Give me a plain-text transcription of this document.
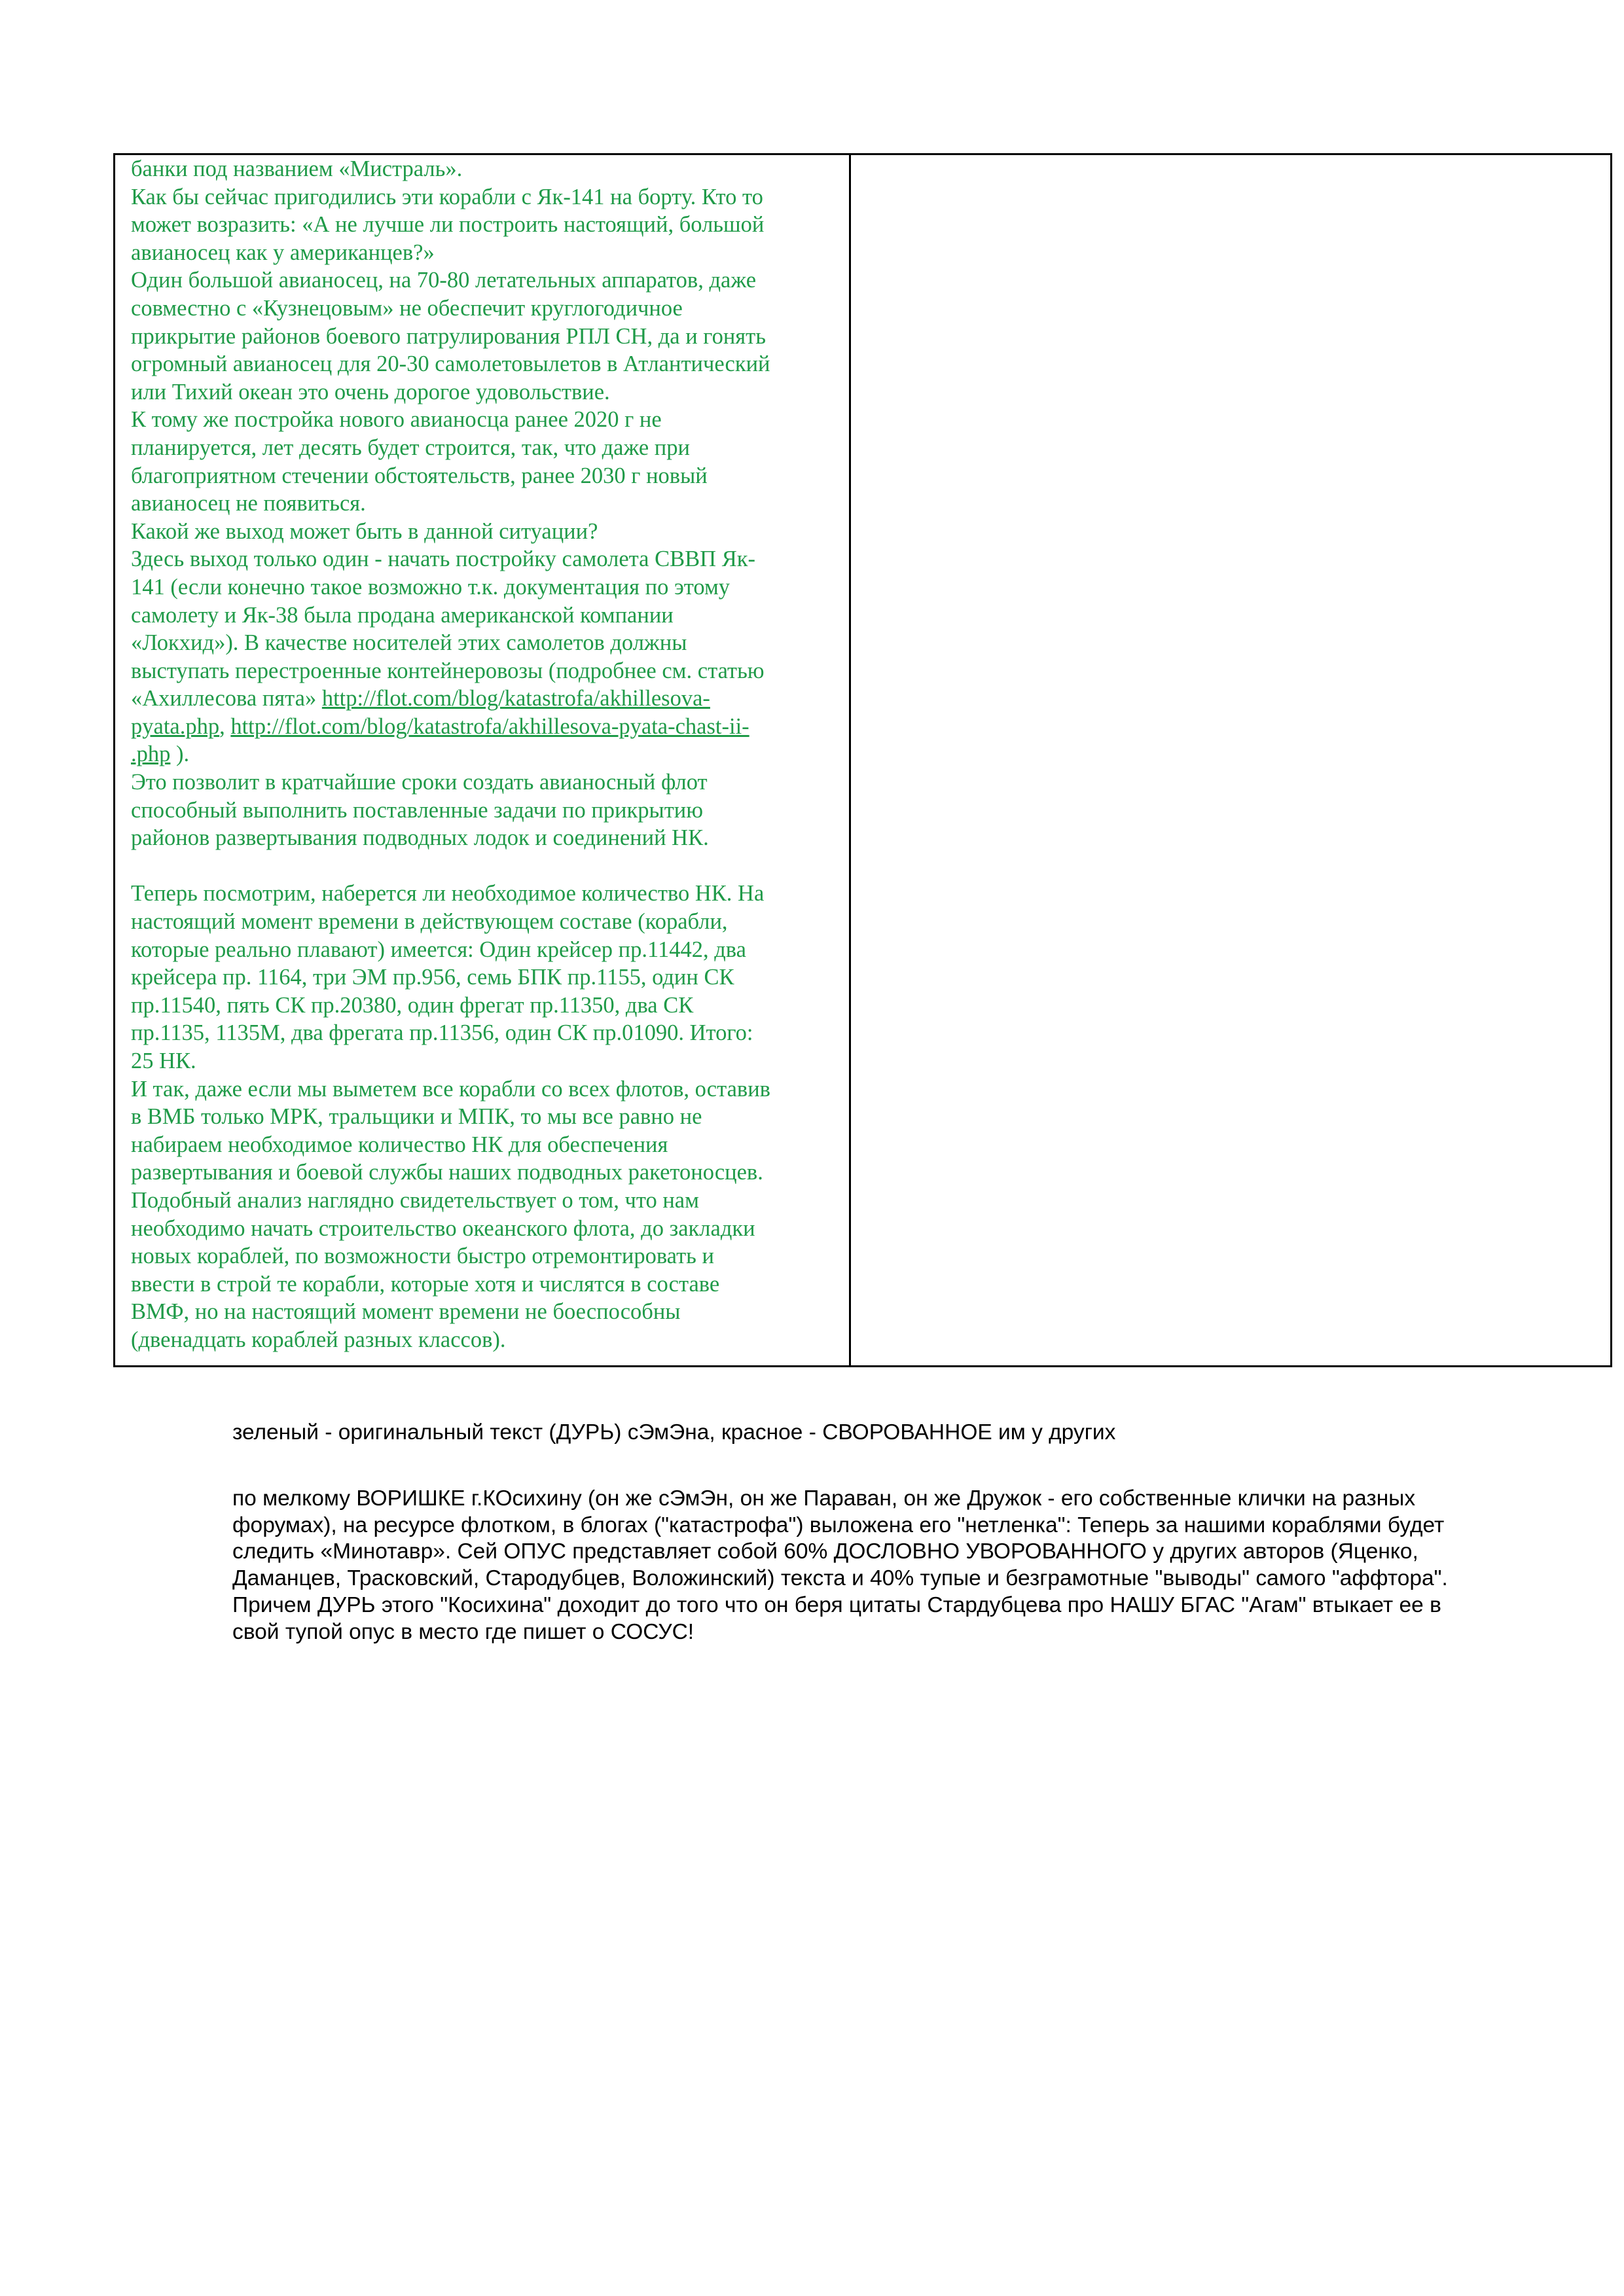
банки под названием «Мистраль».
Как бы сейчас пригодились эти корабли с Як-141 на борту. Кто то
может возразить: «А не лучше ли построить настоящий, большой
авианосец как у американцев?»
Один большой авианосец, на 70-80 летательных аппаратов, даже
совместно с «Кузнецовым» не обеспечит круглогодичное
прикрытие районов боевого патрулирования РПЛ СН, да и гонять
огромный авианосец для 20-30 самолетовылетов в Атлантический
или Тихий океан это очень дорогое удовольствие.
К тому же постройка нового авианосца ранее 2020 г не
планируется, лет десять будет строится, так, что даже при
благоприятном стечении обстоятельств, ранее 2030 г новый
авианосец не появиться.
Какой же выход может быть в данной ситуации?
Здесь выход только один - начать постройку самолета СВВП Як-
141 (если конечно такое возможно т.к. документация по этому
самолету и Як-38 была продана американской компании
«Локхид»). В качестве носителей этих самолетов должны
выступать перестроенные контейнеровозы (подробнее см. статью
«Ахиллесова пята» http://flot.com/blog/katastrofa/akhillesova-
pyata.php, http://flot.com/blog/katastrofa/akhillesova-pyata-chast-ii-
.php ).
Это позволит в кратчайшие сроки создать авианосный флот
способный выполнить поставленные задачи по прикрытию
районов развертывания подводных лодок и соединений НК.

Теперь посмотрим, наберется ли необходимое количество НК. На
настоящий момент времени в действующем составе (корабли,
которые реально плавают) имеется: Один крейсер пр.11442, два
крейсера пр. 1164, три ЭМ пр.956, семь БПК пр.1155, один СК
пр.11540, пять СК пр.20380, один фрегат пр.11350, два СК
пр.1135, 1135М, два фрегата пр.11356, один СК пр.01090. Итого:
25 НК.
И так, даже если мы выметем все корабли со всех флотов, оставив
в ВМБ только МРК, тральщики и МПК, то мы все равно не
набираем необходимое количество НК для обеспечения
развертывания и боевой службы наших подводных ракетоносцев.
Подобный анализ наглядно свидетельствует о том, что нам
необходимо начать строительство океанского флота, до закладки
новых кораблей, по возможности быстро отремонтировать и
ввести в строй те корабли, которые хотя и числятся в составе
ВМФ, но на настоящий момент времени не боеспособны
(двенадцать кораблей разных классов).

зеленый - оригинальный текст (ДУРЬ) сЭмЭна, красное - СВОРОВАННОЕ им у других

по мелкому ВОРИШКЕ г.КОсихину (он же сЭмЭн, он же Параван, он же Дружок - его собственные клички на разных
форумах), на ресурсе флотком, в блогах ("катастрофа") выложена его "нетленка": Теперь за нашими кораблями будет
следить «Минотавр». Сей ОПУС представляет собой 60% ДОСЛОВНО УВОРОВАННОГО у других авторов (Яценко,
Даманцев, Трасковский, Стародубцев, Воложинский) текста и 40% тупые и безграмотные "выводы" самого "аффтора".
Причем ДУРЬ этого "Косихина" доходит до того что он беря цитаты Стардубцева про НАШУ БГАС "Агам" втыкает ее в
свой тупой опус в место где пишет о СОСУС!
